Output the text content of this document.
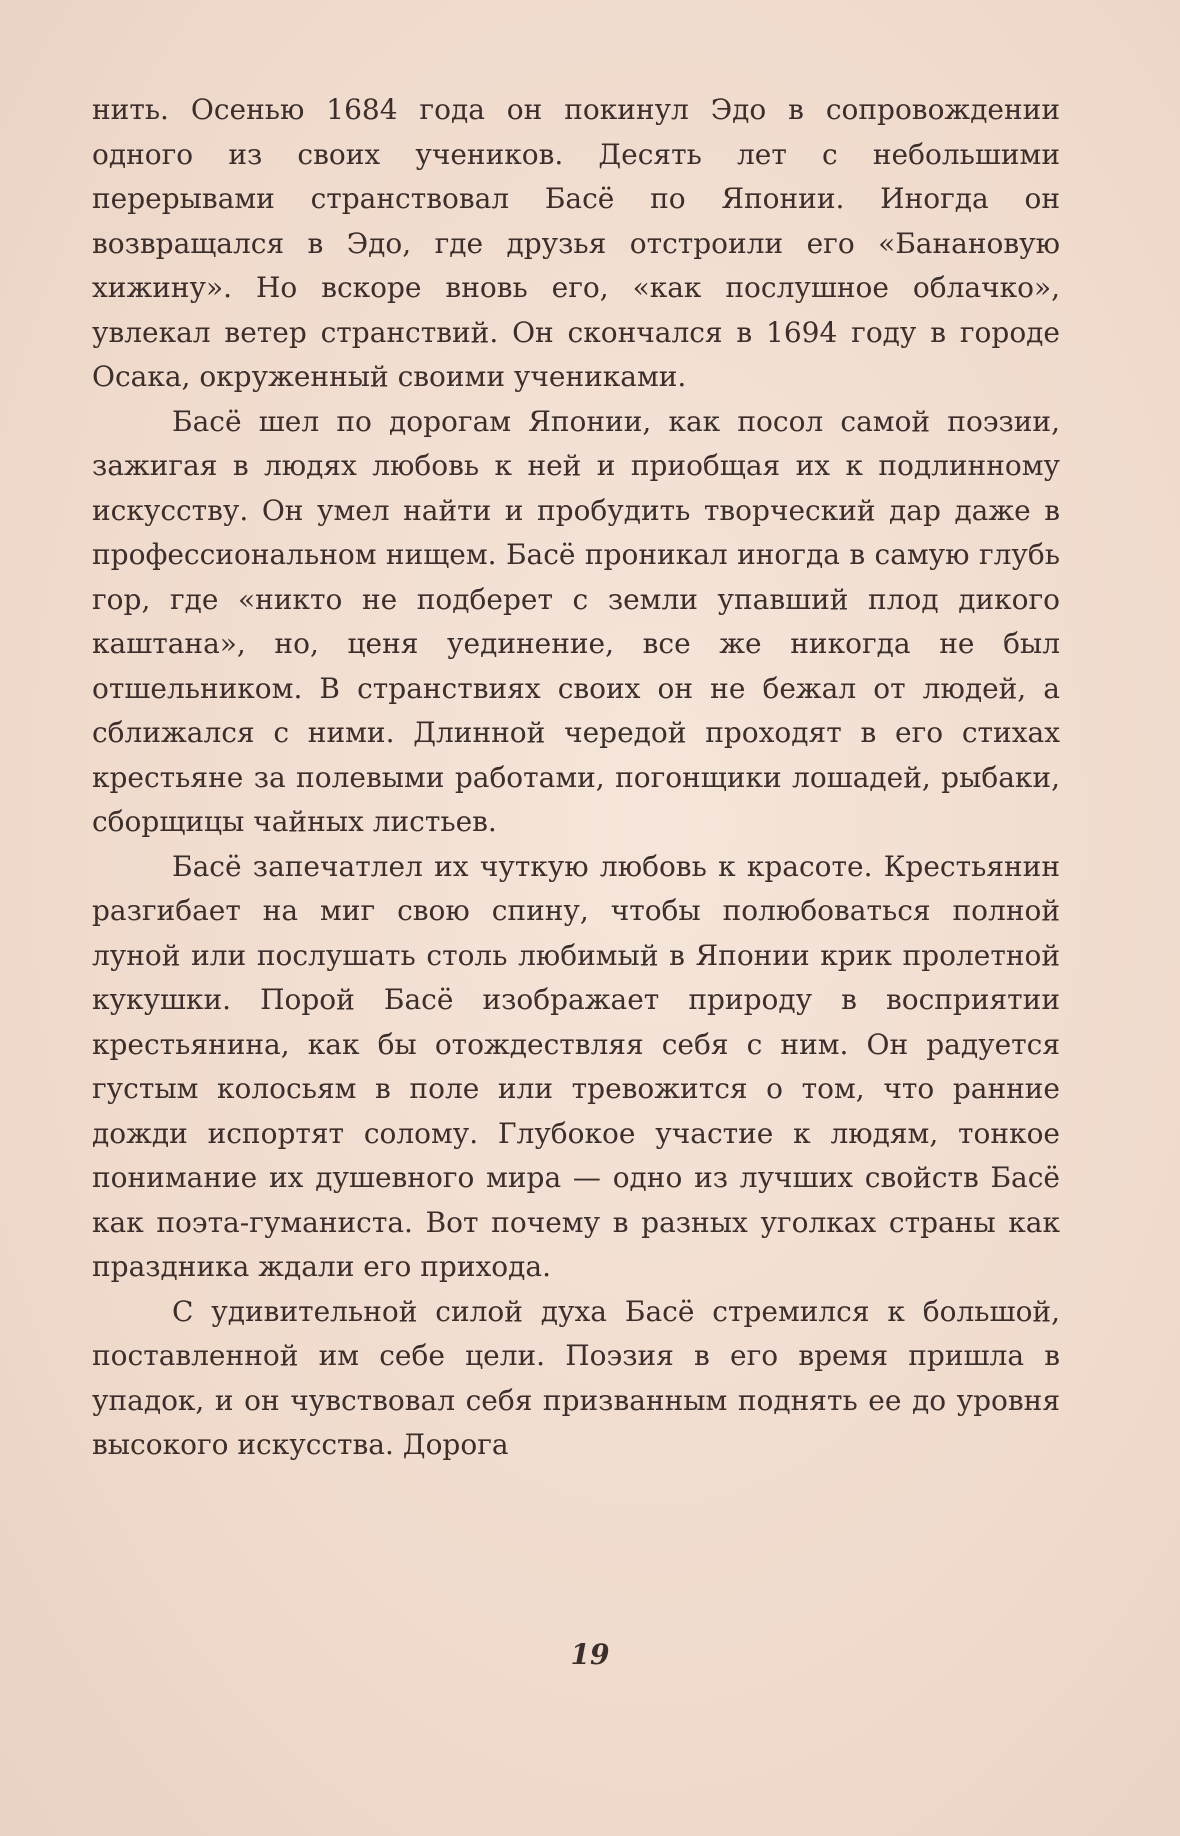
нить. Осенью 1684 года он покинул Эдо в сопровождении одного из своих учеников. Десять лет с небольшими перерывами странствовал Басё по Японии. Иногда он возвращался в Эдо, где друзья отстроили его «Банановую хижину». Но вскоре вновь его, «как послушное облачко», увлекал ветер странствий. Он скончался в 1694 году в городе Осака, окруженный своими учениками.

Басё шел по дорогам Японии, как посол самой поэзии, зажигая в людях любовь к ней и приобщая их к подлинному искусству. Он умел найти и пробудить творческий дар даже в профессиональном нищем. Басё проникал иногда в самую глубь гор, где «никто не подберет с земли упавший плод дикого каштана», но, ценя уединение, все же никогда не был отшельником. В странствиях своих он не бежал от людей, а сближался с ними. Длинной чередой проходят в его стихах крестьяне за полевыми работами, погонщики лошадей, рыбаки, сборщицы чайных листьев.

Басё запечатлел их чуткую любовь к красоте. Крестьянин разгибает на миг свою спину, чтобы полюбоваться полной луной или послушать столь любимый в Японии крик пролетной кукушки. Порой Басё изображает природу в восприятии крестьянина, как бы отождествляя себя с ним. Он радуется густым колосьям в поле или тревожится о том, что ранние дожди испортят солому. Глубокое участие к людям, тонкое понимание их душевного мира — одно из лучших свойств Басё как поэта-гуманиста. Вот почему в разных уголках страны как праздника ждали его прихода.

С удивительной силой духа Басё стремился к большой, поставленной им себе цели. Поэзия в его время пришла в упадок, и он чувствовал себя призванным поднять ее до уровня высокого искусства. Дорога

19
